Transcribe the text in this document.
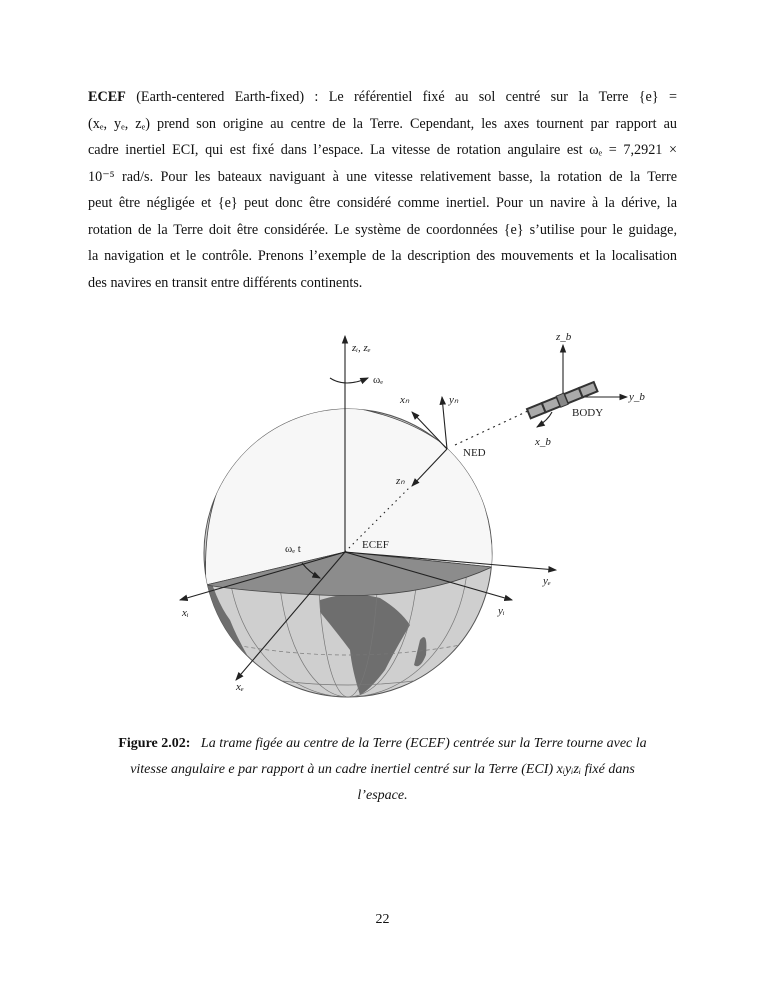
ECEF (Earth-centered Earth-fixed) : Le référentiel fixé au sol centré sur la Terre {e} =
(xₑ, yₑ, zₑ) prend son origine au centre de la Terre. Cependant, les axes tournent par rapport au
cadre inertiel ECI, qui est fixé dans l’espace. La vitesse de rotation angulaire est ωₑ = 7,2921 ×
10⁻⁵ rad/s. Pour les bateaux naviguant à une vitesse relativement basse, la rotation de la Terre
peut être négligée et {e} peut donc être considéré comme inertiel. Pour un navire à la dérive, la
rotation de la Terre doit être considérée. Le système de coordonnées {e} s’utilise pour le guidage,
la navigation et le contrôle. Prenons l’exemple de la description des mouvements et la localisation
des navires en transit entre différents continents.
zᵢ, zₑ
ωₑ
ωₑ t	ECEF
NED
BODY
xₙ	yₙ
zₙ
z_b
y_b
x_b
xᵢ	yᵢ
xₑ
yₑ
Figure 2.02: La trame figée au centre de la Terre (ECEF) centrée sur la Terre tourne avec la
vitesse angulaire e par rapport à un cadre inertiel centré sur la Terre (ECI) xᵢyᵢzᵢ fixé dans
l’espace.
22
